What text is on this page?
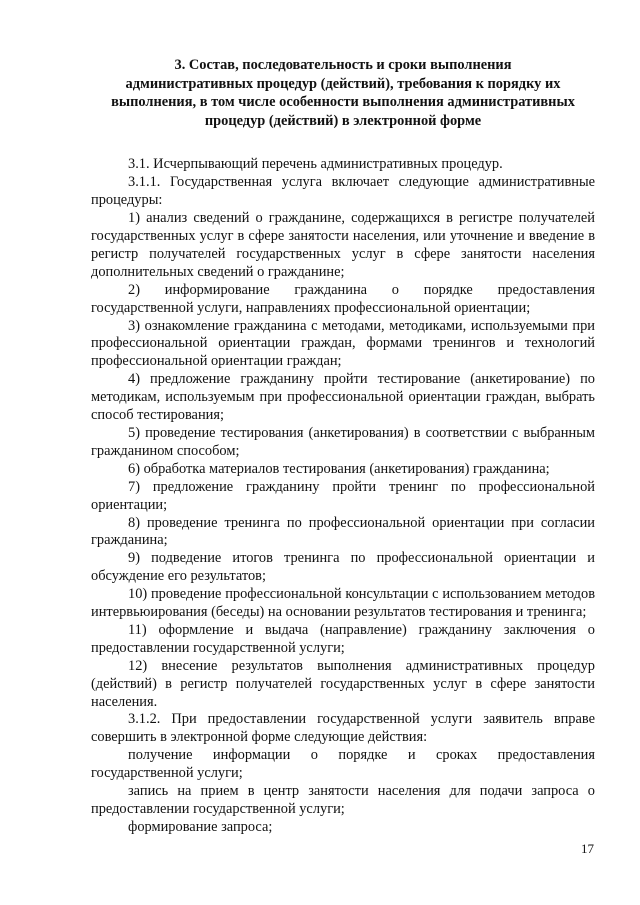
3. Состав, последовательность и сроки выполнения
административных процедур (действий), требования к порядку их
выполнения, в том числе особенности выполнения административных
процедур (действий) в электронной форме

3.1. Исчерпывающий перечень административных процедур.

3.1.1. Государственная услуга включает следующие административные процедуры:

1) анализ сведений о гражданине, содержащихся в регистре получателей государственных услуг в сфере занятости населения, или уточнение и введение в регистр получателей государственных услуг в сфере занятости населения дополнительных сведений о гражданине;

2) информирование гражданина о порядке предоставления государственной услуги, направлениях профессиональной ориентации;

3) ознакомление гражданина с методами, методиками, используемыми при профессиональной ориентации граждан, формами тренингов и технологий профессиональной ориентации граждан;

4) предложение гражданину пройти тестирование (анкетирование) по методикам, используемым при профессиональной ориентации граждан, выбрать способ тестирования;

5) проведение тестирования (анкетирования) в соответствии с выбранным гражданином способом;

6) обработка материалов тестирования (анкетирования) гражданина;

7) предложение гражданину пройти тренинг по профессиональной ориентации;

8) проведение тренинга по профессиональной ориентации при согласии гражданина;

9) подведение итогов тренинга по профессиональной ориентации и обсуждение его результатов;

10) проведение профессиональной консультации с использованием методов интервьюирования (беседы) на основании результатов тестирования и тренинга;

11) оформление и выдача (направление) гражданину заключения о предоставлении государственной услуги;

12) внесение результатов выполнения административных процедур (действий) в регистр получателей государственных услуг в сфере занятости населения.

3.1.2. При предоставлении государственной услуги заявитель вправе совершить в электронной форме следующие действия:

получение информации о порядке и сроках предоставления государственной услуги;

запись на прием в центр занятости населения для подачи запроса о предоставлении государственной услуги;

формирование запроса;

17
